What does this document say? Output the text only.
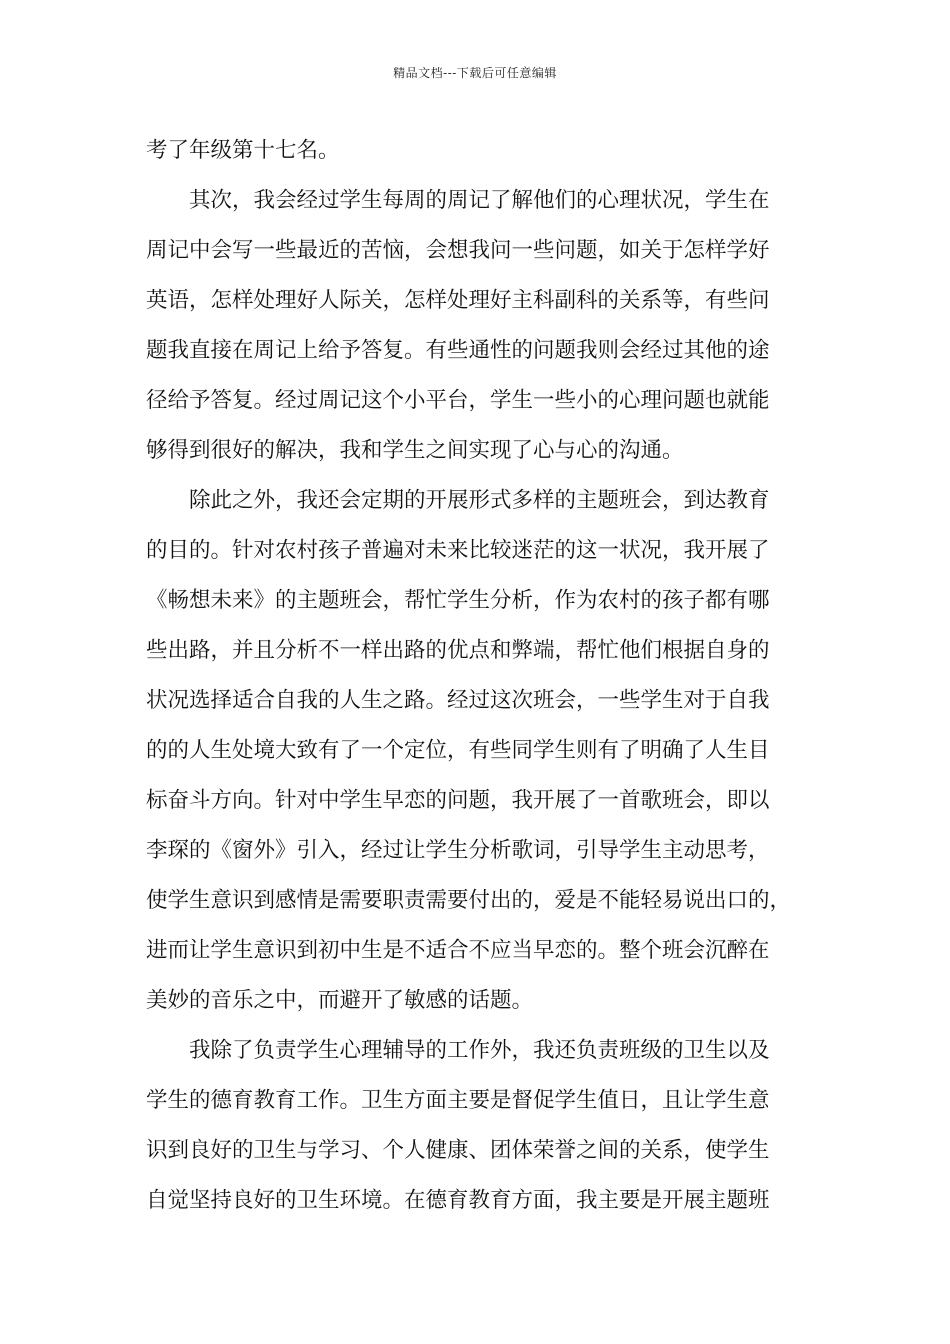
精品文档---下载后可任意编辑
考了年级第十七名。
其次，我会经过学生每周的周记了解他们的心理状况，学生在
周记中会写一些最近的苦恼，会想我问一些问题，如关于怎样学好
英语，怎样处理好人际关，怎样处理好主科副科的关系等，有些问
题我直接在周记上给予答复。有些通性的问题我则会经过其他的途
径给予答复。经过周记这个小平台，学生一些小的心理问题也就能
够得到很好的解决，我和学生之间实现了心与心的沟通。
除此之外，我还会定期的开展形式多样的主题班会，到达教育
的目的。针对农村孩子普遍对未来比较迷茫的这一状况，我开展了
《畅想未来》的主题班会，帮忙学生分析，作为农村的孩子都有哪
些出路，并且分析不一样出路的优点和弊端，帮忙他们根据自身的
状况选择适合自我的人生之路。经过这次班会，一些学生对于自我
的的人生处境大致有了一个定位，有些同学生则有了明确了人生目
标奋斗方向。针对中学生早恋的问题，我开展了一首歌班会，即以
李琛的《窗外》引入，经过让学生分析歌词，引导学生主动思考，
使学生意识到感情是需要职责需要付出的，爱是不能轻易说出口的，
进而让学生意识到初中生是不适合不应当早恋的。整个班会沉醉在
美妙的音乐之中，而避开了敏感的话题。
我除了负责学生心理辅导的工作外，我还负责班级的卫生以及
学生的德育教育工作。卫生方面主要是督促学生值日，且让学生意
识到良好的卫生与学习、个人健康、团体荣誉之间的关系，使学生
自觉坚持良好的卫生环境。在德育教育方面，我主要是开展主题班
